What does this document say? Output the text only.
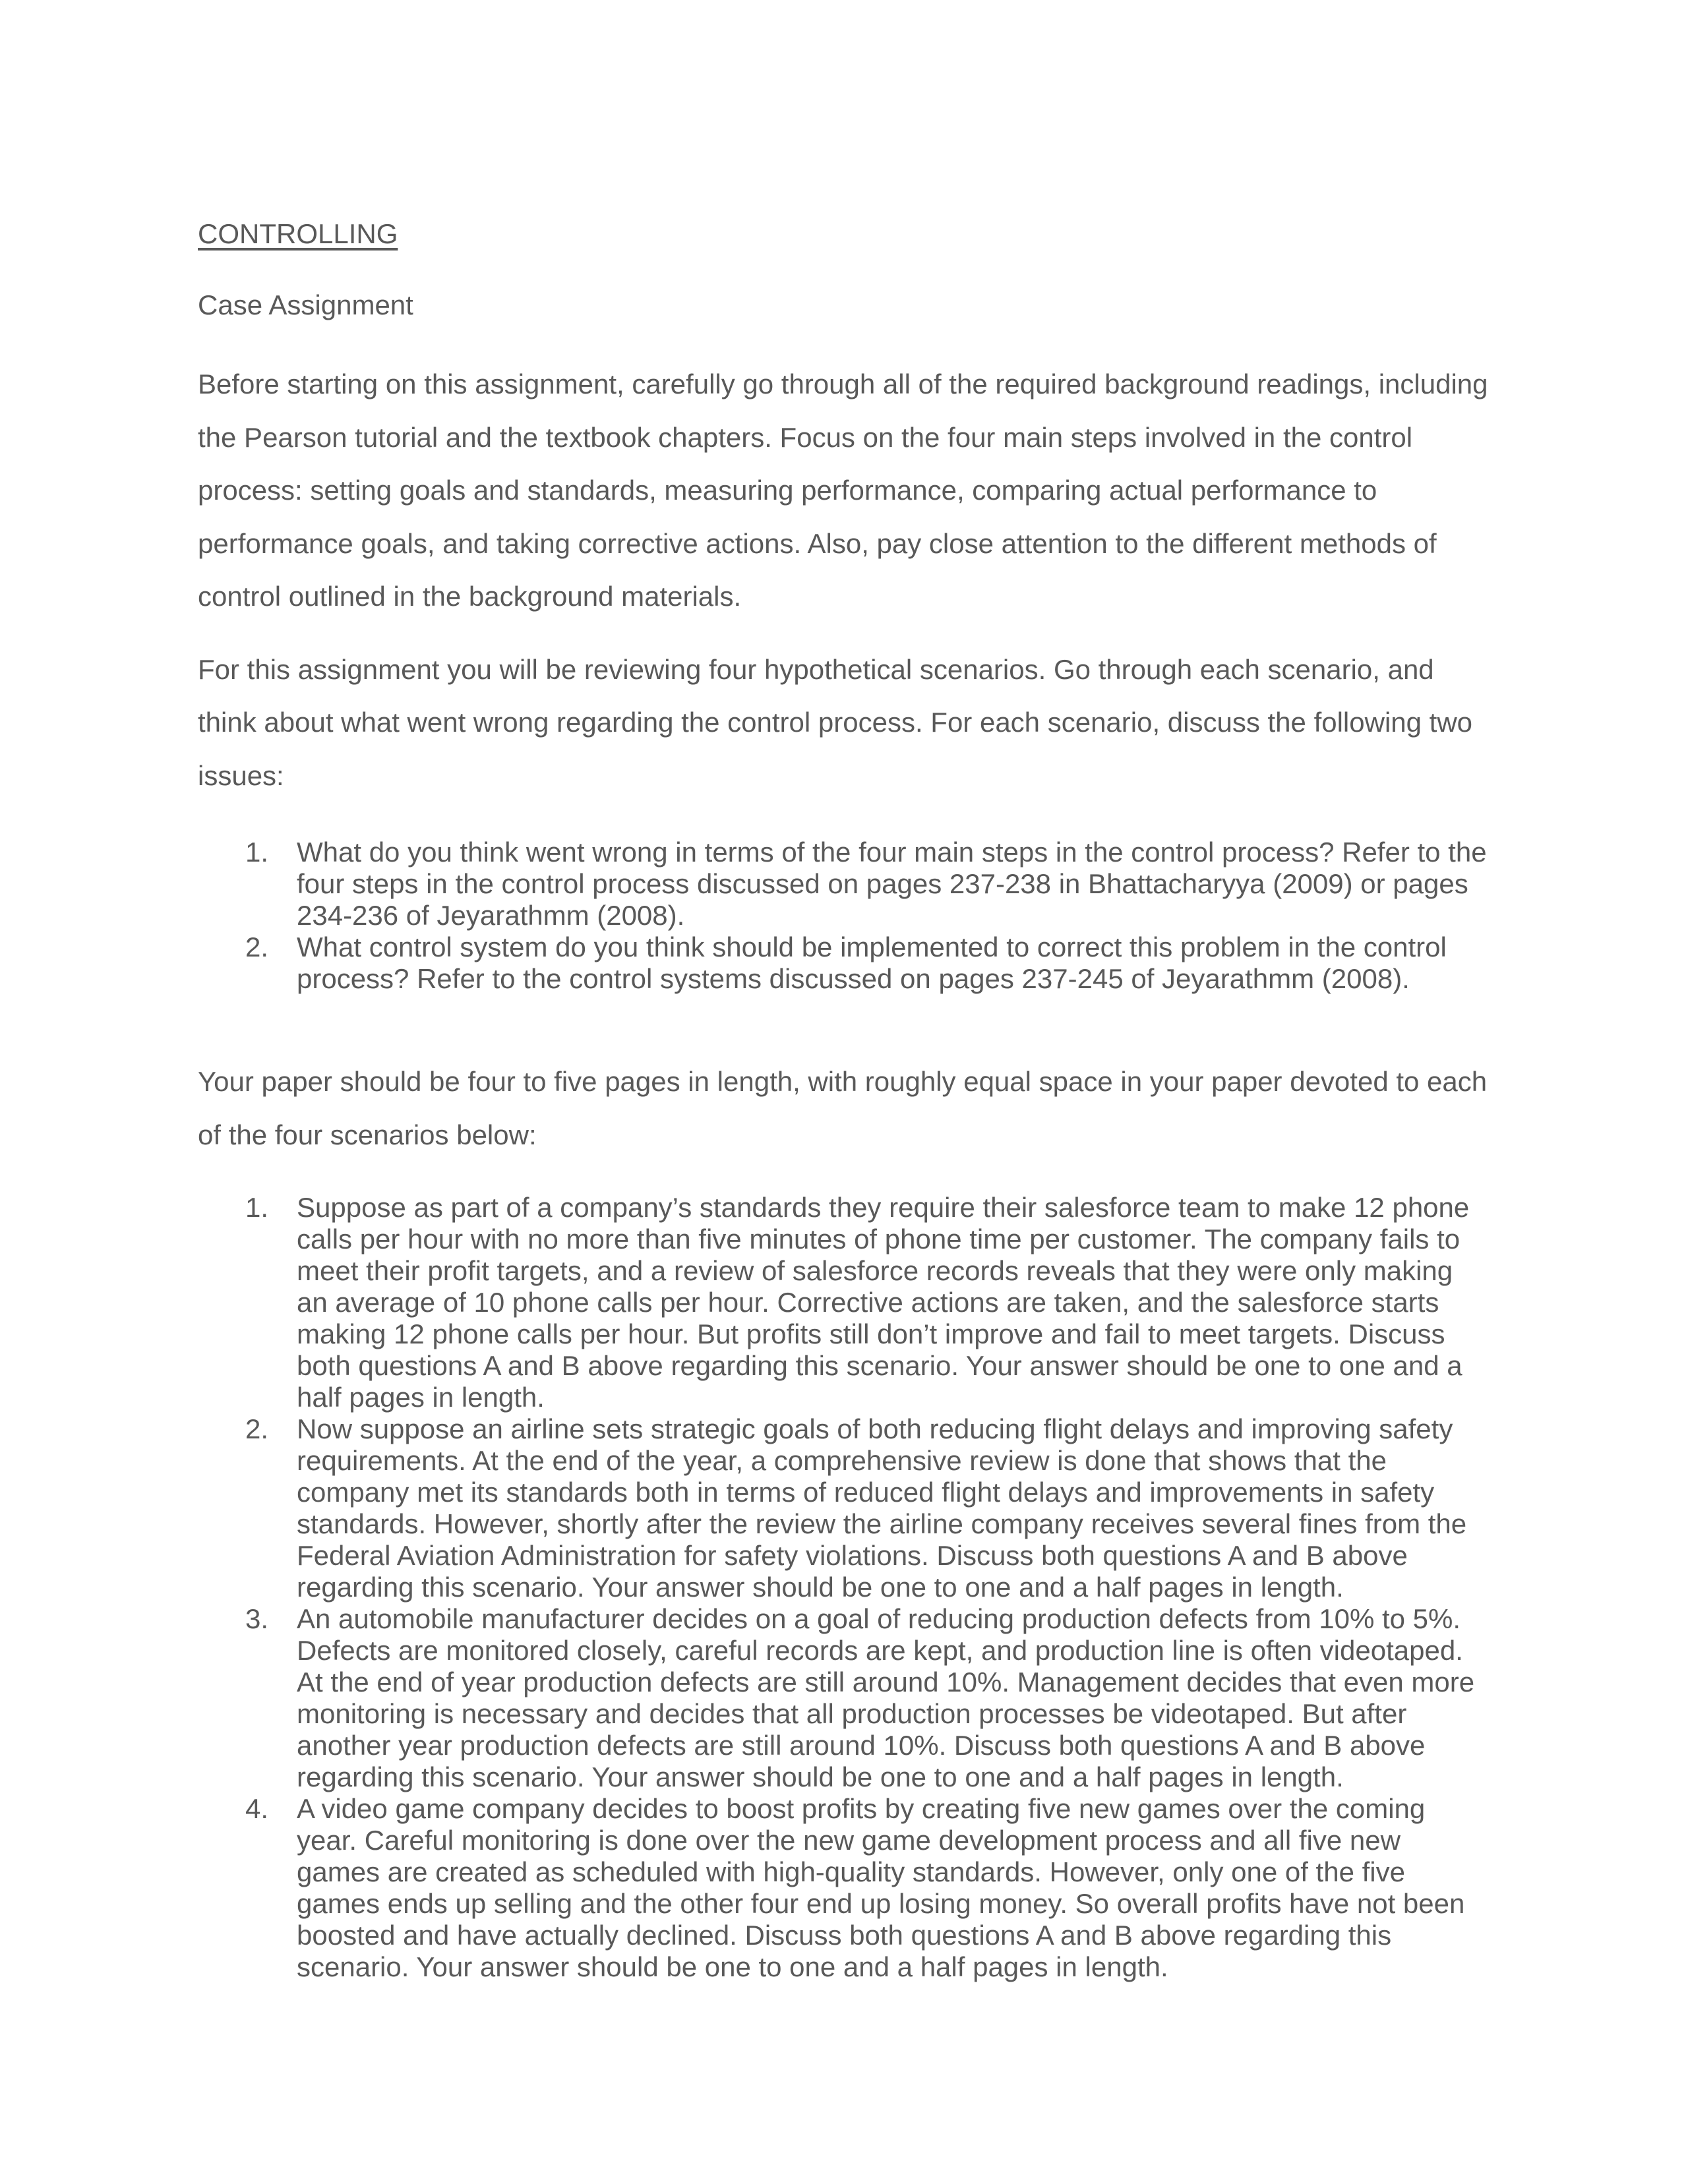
CONTROLLING

Case Assignment

Before starting on this assignment, carefully go through all of the required background readings, including the Pearson tutorial and the textbook chapters. Focus on the four main steps involved in the control process: setting goals and standards, measuring performance, comparing actual performance to performance goals, and taking corrective actions. Also, pay close attention to the different methods of control outlined in the background materials.

For this assignment you will be reviewing four hypothetical scenarios. Go through each scenario, and think about what went wrong regarding the control process. For each scenario, discuss the following two issues:

1. What do you think went wrong in terms of the four main steps in the control process? Refer to the four steps in the control process discussed on pages 237-238 in Bhattacharyya (2009) or pages 234-236 of Jeyarathmm (2008).
2. What control system do you think should be implemented to correct this problem in the control process? Refer to the control systems discussed on pages 237-245 of Jeyarathmm (2008).

Your paper should be four to five pages in length, with roughly equal space in your paper devoted to each of the four scenarios below:

1. Suppose as part of a company’s standards they require their salesforce team to make 12 phone calls per hour with no more than five minutes of phone time per customer. The company fails to meet their profit targets, and a review of salesforce records reveals that they were only making an average of 10 phone calls per hour. Corrective actions are taken, and the salesforce starts making 12 phone calls per hour. But profits still don’t improve and fail to meet targets. Discuss both questions A and B above regarding this scenario. Your answer should be one to one and a half pages in length.
2. Now suppose an airline sets strategic goals of both reducing flight delays and improving safety requirements. At the end of the year, a comprehensive review is done that shows that the company met its standards both in terms of reduced flight delays and improvements in safety standards. However, shortly after the review the airline company receives several fines from the Federal Aviation Administration for safety violations. Discuss both questions A and B above regarding this scenario. Your answer should be one to one and a half pages in length.
3. An automobile manufacturer decides on a goal of reducing production defects from 10% to 5%. Defects are monitored closely, careful records are kept, and production line is often videotaped. At the end of year production defects are still around 10%. Management decides that even more monitoring is necessary and decides that all production processes be videotaped. But after another year production defects are still around 10%. Discuss both questions A and B above regarding this scenario. Your answer should be one to one and a half pages in length.
4. A video game company decides to boost profits by creating five new games over the coming year. Careful monitoring is done over the new game development process and all five new games are created as scheduled with high-quality standards. However, only one of the five games ends up selling and the other four end up losing money. So overall profits have not been boosted and have actually declined. Discuss both questions A and B above regarding this scenario. Your answer should be one to one and a half pages in length.
